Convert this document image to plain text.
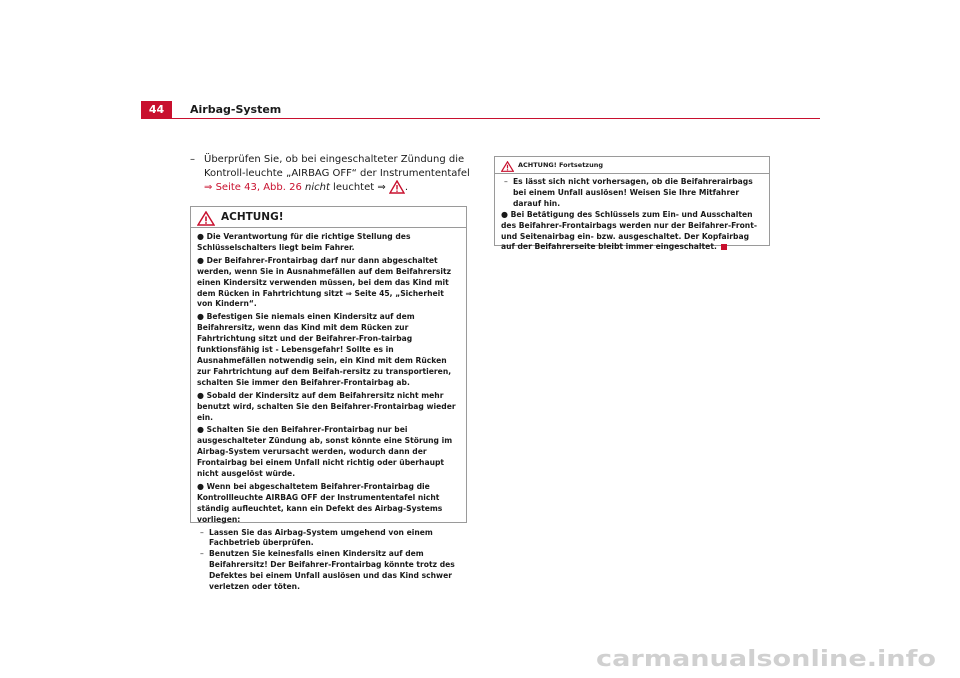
44	Airbag-System
– Überprüfen Sie, ob bei eingeschalteter Zündung die Kontroll-leuchte „AIRBAG OFF“ der Instrumententafel ⇒ Seite 43, Abb. 26 nicht leuchtet ⇒ .
ACHTUNG!
● Die Verantwortung für die richtige Stellung des Schlüsselschalters liegt beim Fahrer.
● Der Beifahrer-Frontairbag darf nur dann abgeschaltet werden, wenn Sie in Ausnahmefällen auf dem Beifahrersitz einen Kindersitz verwenden müssen, bei dem das Kind mit dem Rücken in Fahrtrichtung sitzt ⇒ Seite 45, „Sicherheit von Kindern“.
● Befestigen Sie niemals einen Kindersitz auf dem Beifahrersitz, wenn das Kind mit dem Rücken zur Fahrtrichtung sitzt und der Beifahrer-Fron-tairbag funktionsfähig ist - Lebensgefahr! Sollte es in Ausnahmefällen notwendig sein, ein Kind mit dem Rücken zur Fahrtrichtung auf dem Beifah-rersitz zu transportieren, schalten Sie immer den Beifahrer-Frontairbag ab.
● Sobald der Kindersitz auf dem Beifahrersitz nicht mehr benutzt wird, schalten Sie den Beifahrer-Frontairbag wieder ein.
● Schalten Sie den Beifahrer-Frontairbag nur bei ausgeschalteter Zündung ab, sonst könnte eine Störung im Airbag-System verursacht werden, wodurch dann der Frontairbag bei einem Unfall nicht richtig oder überhaupt nicht ausgelöst würde.
● Wenn bei abgeschaltetem Beifahrer-Frontairbag die Kontrollleuchte AIRBAG OFF der Instrumententafel nicht ständig aufleuchtet, kann ein Defekt des Airbag-Systems vorliegen:
– Lassen Sie das Airbag-System umgehend von einem Fachbetrieb überprüfen.
– Benutzen Sie keinesfalls einen Kindersitz auf dem Beifahrersitz! Der Beifahrer-Frontairbag könnte trotz des Defektes bei einem Unfall auslösen und das Kind schwer verletzen oder töten.
ACHTUNG! Fortsetzung
– Es lässt sich nicht vorhersagen, ob die Beifahrerairbags bei einem Unfall auslösen! Weisen Sie Ihre Mitfahrer darauf hin.
● Bei Betätigung des Schlüssels zum Ein- und Ausschalten des Beifahrer-Frontairbags werden nur der Beifahrer-Front- und Seitenairbag ein- bzw. ausgeschaltet. Der Kopfairbag auf der Beifahrerseite bleibt immer eingeschaltet.
carmanualsonline.info
